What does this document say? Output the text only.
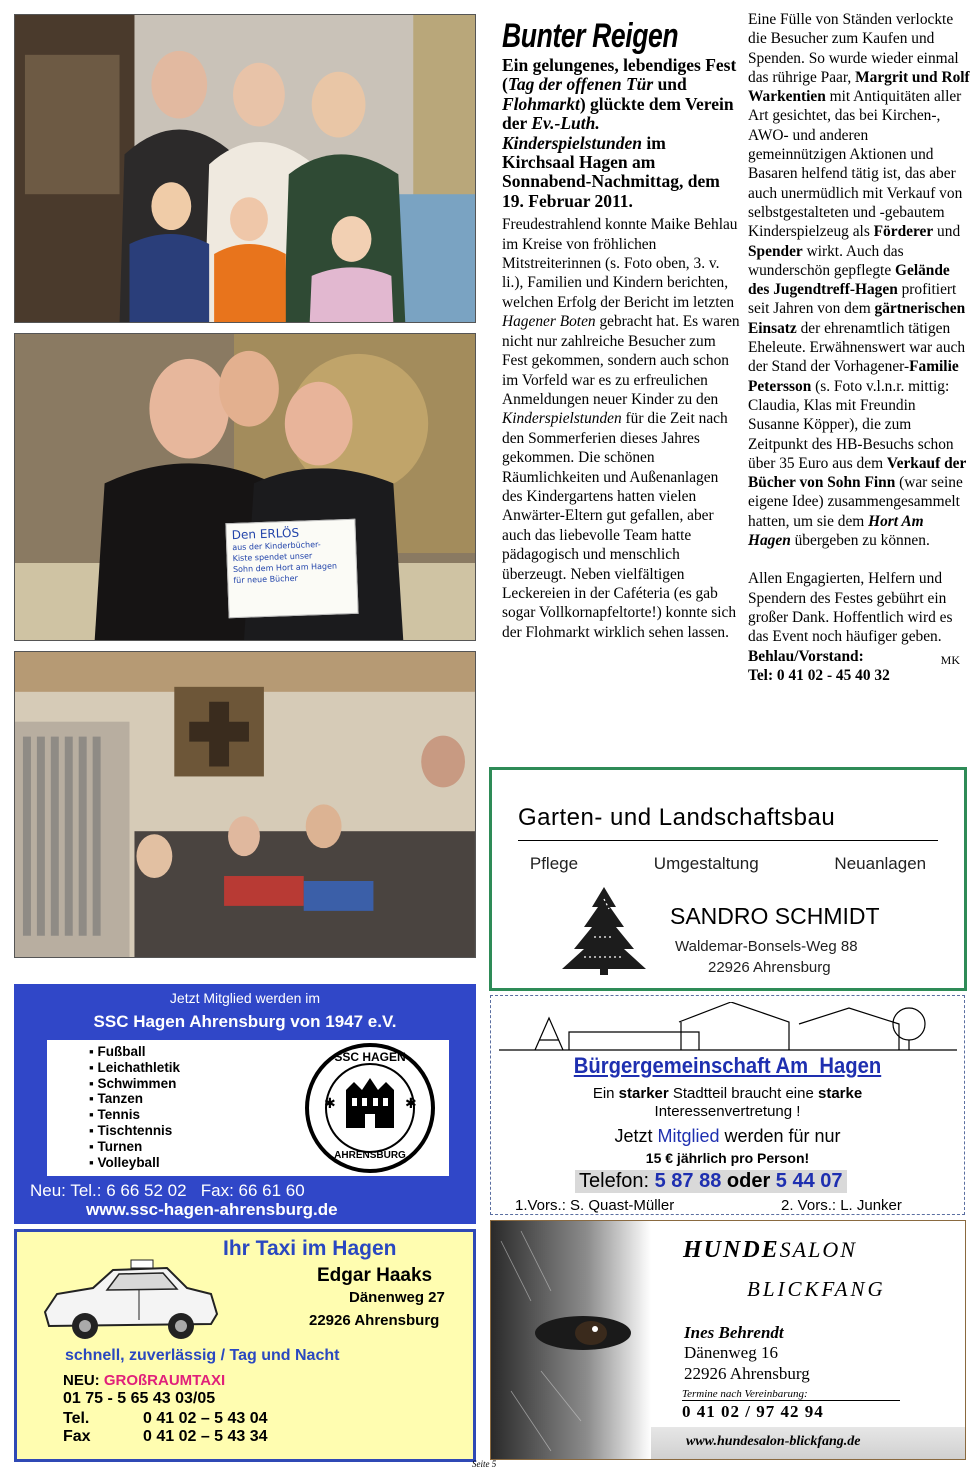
Den ERLÖS
aus der Kinderbücher-
Kiste spendet unser
Sohn dem Hort am Hagen
für neue Bücher
Bunter Reigen

Ein gelungenes, lebendiges Fest (Tag der offenen Tür und Flohmarkt) glückte dem Verein der Ev.-Luth. Kinderspielstunden im Kirchsaal Hagen am Sonnabend-Nachmittag, dem 19. Februar 2011.

Freudestrahlend konnte Maike Behlau im Kreise von fröhlichen Mitstreiterinnen (s. Foto oben, 3. v. li.), Familien und Kindern berichten, welchen Erfolg der Bericht im letzten Hagener Boten gebracht hat. Es waren nicht nur zahlreiche Besucher zum Fest gekommen, sondern auch schon im Vorfeld war es zu erfreulichen Anmeldungen neuer Kinder zu den Kinderspielstunden für die Zeit nach den Sommerferien dieses Jahres gekommen. Die schönen Räumlichkeiten und Außenanlagen des Kindergartens hatten vielen Anwärter-Eltern gut gefallen, aber auch das liebevolle Team hatte pädagogisch und menschlich überzeugt. Neben vielfältigen Leckereien in der Caféteria (es gab sogar Vollkornapfeltorte!) konnte sich der Flohmarkt wirklich sehen lassen.

Eine Fülle von Ständen verlockte die Besucher zum Kaufen und Spenden. So wurde wieder einmal das rührige Paar, Margrit und Rolf Warkentien mit Antiquitäten aller Art gesichtet, das bei Kirchen-, AWO- und anderen gemeinnützigen Aktionen und Basaren helfend tätig ist, das aber auch unermüdlich mit Verkauf von selbstgestalteten und -gebautem Kinderspielzeug als Förderer und Spender wirkt. Auch das wunderschön gepflegte Gelände des Jugendtreff-Hagen profitiert seit Jahren von dem gärtnerischen Einsatz der ehrenamtlich tätigen Eheleute. Erwähnenswert war auch der Stand der Vorhagener-Familie Petersson (s. Foto v.l.n.r. mittig: Claudia, Klas mit Freundin Susanne Köpper), die zum Zeitpunkt des HB-Besuchs schon über 35 Euro aus dem Verkauf der Bücher von Sohn Finn (war seine eigene Idee) zusammengesammelt hatten, um sie dem Hort Am Hagen übergeben zu können.

Allen Engagierten, Helfern und Spendern des Festes gebührt ein großer Dank. Hoffentlich wird es das Event noch häufiger geben.
MK

Behlau/Vorstand:
Tel: 0 41 02 - 45 40 32
Garten- und Landschaftsbau
Pflege	Umgestaltung	Neuanlagen
SANDRO SCHMIDT
Waldemar-Bonsels-Weg 88
22926 Ahrensburg
Jetzt Mitglied werden im
SSC Hagen Ahrensburg von 1947 e.V.
▪ Fußball
▪ Leichathletik
▪ Schwimmen
▪ Tanzen
▪ Tennis
▪ Tischtennis
▪ Turnen
▪ Volleyball
✱	✱
SSC HAGEN
AHRENSBURG
Neu: Tel.: 6 66 52 02   Fax: 66 61 60
www.ssc-hagen-ahrensburg.de
Bürgergemeinschaft Am  Hagen
Ein starker Stadtteil braucht eine starke
Interessenvertretung !
Jetzt Mitglied werden für nur
15 € jährlich pro Person!
Telefon: 5 87 88 oder 5 44 07
1.Vors.: S. Quast-Müller	2. Vors.: L. Junker
Ihr Taxi im Hagen
Edgar Haaks
Dänenweg 27
22926 Ahrensburg
schnell, zuverlässig / Tag und Nacht
NEU: GROßRAUMTAXI
01 75 - 5 65 43 03/05
Tel.	0 41 02 – 5 43 04
Fax	0 41 02 – 5 43 34
HUNDESALON
BLICKFANG
Ines Behrendt
Dänenweg 16
22926 Ahrensburg
Termine nach Vereinbarung:
0 41 02 / 97 42 94
www.hundesalon-blickfang.de
Seite 5
